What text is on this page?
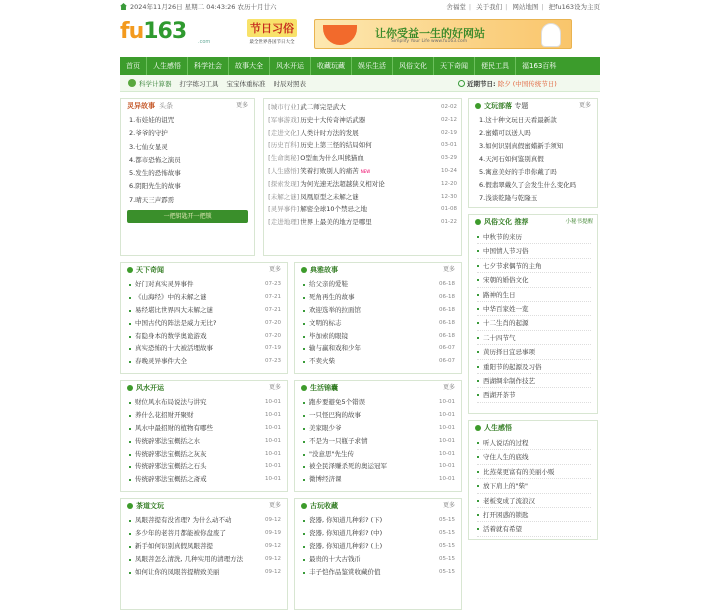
2024年11月26日 星期二 04:43:26 农历十月廿六	舍福堂 | 关于我们 | 网站地图 | 把fu163设为主页
fu163 .com
节日习俗
最全世界各国节日大全
让你受益一生的好网站
Simplify Your Life www.fu163.com
首页	人生感悟	科学社会	故事大全	风水开运	收藏玩藏	娱乐生活	风俗文化	天下奇闻	便民工具	福163百科
科学计算器 打字练习工具 宝宝体重标准 时辰对照表	近期节日: 除夕 (中国传统节日)
灵异故事 头条	更多
1.布娃娃的诅咒
2.爷爷的守护
3.七仙女显灵
4.都市恐怖之演员
5.发生的恐怖故事
6.阴阳先生的故事
7.晴天三声霹雳
一把钥匙开一把锁
[城市行业] 武二师完是武大	02-02
[军事游戏] 历史十大传奇神话武器	02-12
[走进文化] 人类计时方法的发展	02-19
[历史百科] 历史上第三怪的结局如何	03-01
[生命奥秘] O型血为什么叫熊猫血	03-29
[人生感悟] 笑着打败别人的痛苦 NEW	10-24
[探索发现] 为何光速无法超越狭义相对论	12-20
[未解之谜] 凤凰原型之未解之谜	12-30
[灵异事件] 解密全球10个禁忌之地	01-08
[走进地理] 世界上最美的地方是哪里	01-22
天下奇闻	更多
好门对真实灵异事件	07-23
《山海经》中的未解之谜	07-21
易经堪比世界四大未解之谜	07-21
中国古代的阵法是威力无比?	07-20
有隐身本的数学奥诡游戏	07-20
真实恐怖的十大被活埋故事	07-19
春晚灵异事件大全	07-23
典雅故事	更多
给父亲的爱鞋	06-18
死角再生的故事	06-18
欢迎选举的拉面馆	06-18
文明的标志	06-18
毕加索的眼镜	06-18
输与赢和戏和少年	06-07
不卖火柴	06-07
风水开运	更多
财位风水布局说法与讲究	10-01
养什么花招财开聚财	10-01
风水中最招财的植物有哪些	10-01
传统辟邪法宝概括之水	10-01
传统辟邪法宝概括之灰灰	10-01
传统辟邪法宝概括之石头	10-01
传统辟邪法宝概括之斋戒	10-01
生活锦囊	更多
跑步要避免5个错误	10-01
一只怪巴狗的故事	10-01
美家眼少爷	10-01
不是为一只瓶子求情	10-01
"没意思"先生传	10-01
被全民泽赚杀死的奥运冠军	10-01
微博经济课	10-01
茶道文玩	更多
凤眼菩提有没省理? 为什么动不动	09-12
多少年的老菩月都能被你盘废了	09-19
新手如何识别真假凤眼菩提	09-12
凤眼菩怎么清洗, 几种实用的清理方法	09-12
如何让你的凤眼菩提精致美丽	09-12
古玩收藏	更多
瓷器, 你知道几种彩? (下)	05-15
瓷器, 你知道几种彩? (中)	05-15
瓷器, 你知道几种彩? (上)	05-15
最贵的十大古钱币	05-15
丰子恺作品鉴赏收藏价值	05-15
文玩部落 专题	更多
1.这十种文玩日天看最新款
2.蜜蜡可以送人吗
3.如何识别真假蜜蜡新手须知
4.天河石如何鉴别真假
5.寓意美好的手串你戴了吗
6.假翡翠戴久了会发生什么变化吗
7.浅谈乾隆与乾隆玉
风俗文化 推荐	小秘书提醒
中秋节的来历
中国情人节习俗
七夕节求偶节的主角
宋朝的婚俗文化
路神的生日
中华百家姓一览
十二生肖的起源
二十四节气
黄历择日宜忌事项
重阳节的起源及习俗
西湖绸伞制作技艺
西湖开茶节
人生感悟
听人说话的过程
守住人生的底线
比蒸菜更富有的美丽小贩
放下肩上的"柴"
老板变成了流浪汉
打开困惑的锁匙
活着就有希望
